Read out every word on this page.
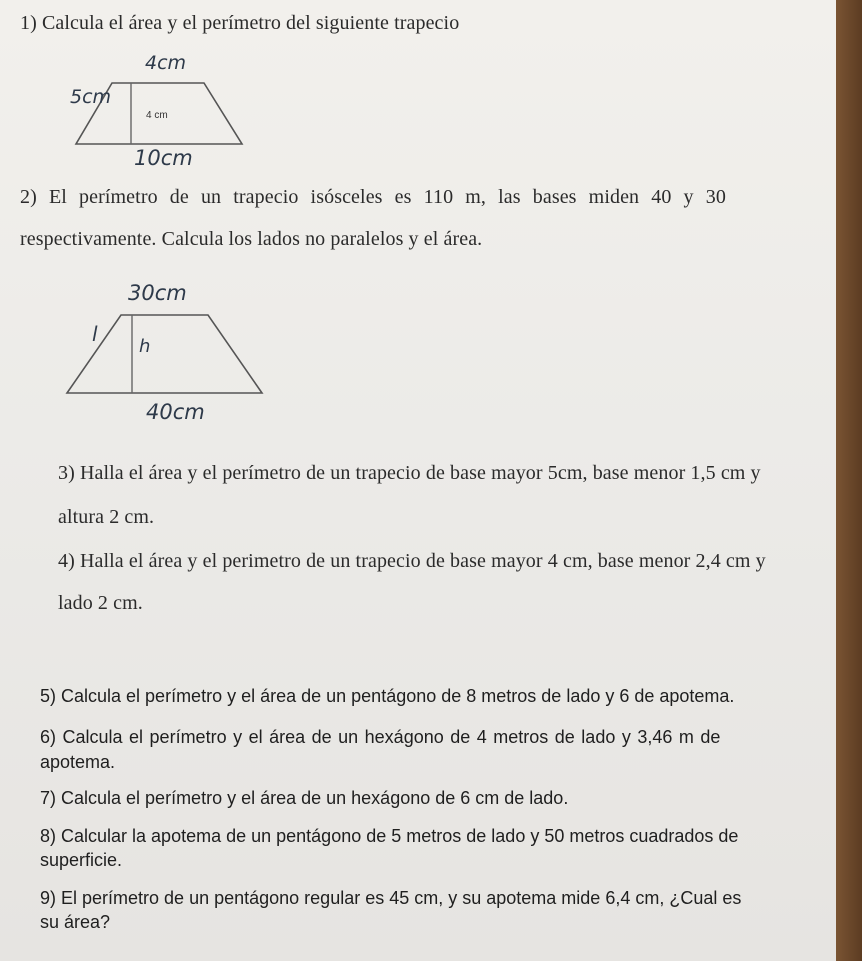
1) Calcula el área y el perímetro del siguiente trapecio
4cm
5cm
4 cm
10cm
2) El perímetro de un trapecio isósceles es 110 m, las bases miden 40 y 30
respectivamente. Calcula los lados no paralelos y el área.
30cm
l
h
40cm
3) Halla el área y el perímetro de un trapecio de base mayor 5cm, base menor 1,5 cm y
altura 2 cm.
4) Halla el área y el perimetro de un trapecio de base mayor 4 cm, base menor 2,4 cm y
lado 2 cm.
5) Calcula el perímetro y el área de un pentágono de 8 metros de lado y 6 de apotema.
6) Calcula el perímetro y el área de un hexágono de 4 metros de lado y 3,46 m de
apotema.
7) Calcula el perímetro y el área de un hexágono de 6 cm de lado.
8) Calcular la apotema de un pentágono de 5 metros de lado y 50 metros cuadrados de
superficie.
9) El perímetro de un pentágono regular es 45 cm, y su apotema mide 6,4 cm, ¿Cual es
su área?
